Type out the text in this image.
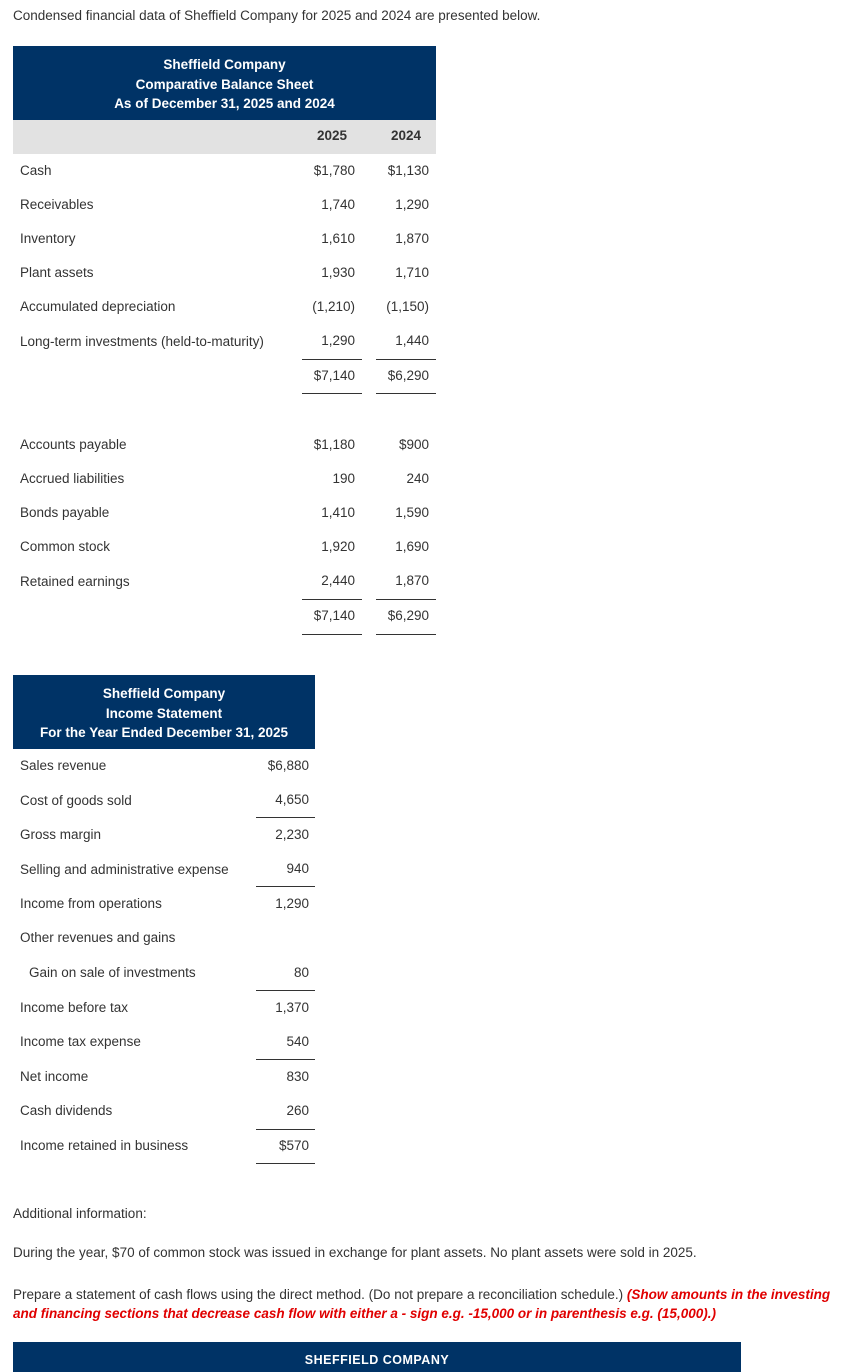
Condensed financial data of Sheffield Company for 2025 and 2024 are presented below.
Sheffield Company
Comparative Balance Sheet
As of December 31, 2025 and 2024
2025	2024
Cash	$1,780	$1,130
Receivables	1,740	1,290
Inventory	1,610	1,870
Plant assets	1,930	1,710
Accumulated depreciation	(1,210)	(1,150)
Long-term investments (held-to-maturity)	1,290	1,440
$7,140	$6,290
Accounts payable	$1,180	$900
Accrued liabilities	190	240
Bonds payable	1,410	1,590
Common stock	1,920	1,690
Retained earnings	2,440	1,870
$7,140	$6,290
Sheffield Company
Income Statement
For the Year Ended December 31, 2025
Sales revenue	$6,880
Cost of goods sold	4,650
Gross margin	2,230
Selling and administrative expense	940
Income from operations	1,290
Other revenues and gains
Gain on sale of investments	80
Income before tax	1,370
Income tax expense	540
Net income	830
Cash dividends	260
Income retained in business	$570
Additional information:
During the year, $70 of common stock was issued in exchange for plant assets. No plant assets were sold in 2025.
Prepare a statement of cash flows using the direct method. (Do not prepare a reconciliation schedule.) (Show amounts in the investing and financing sections that decrease cash flow with either a - sign e.g. -15,000 or in parenthesis e.g. (15,000).)
SHEFFIELD COMPANY
